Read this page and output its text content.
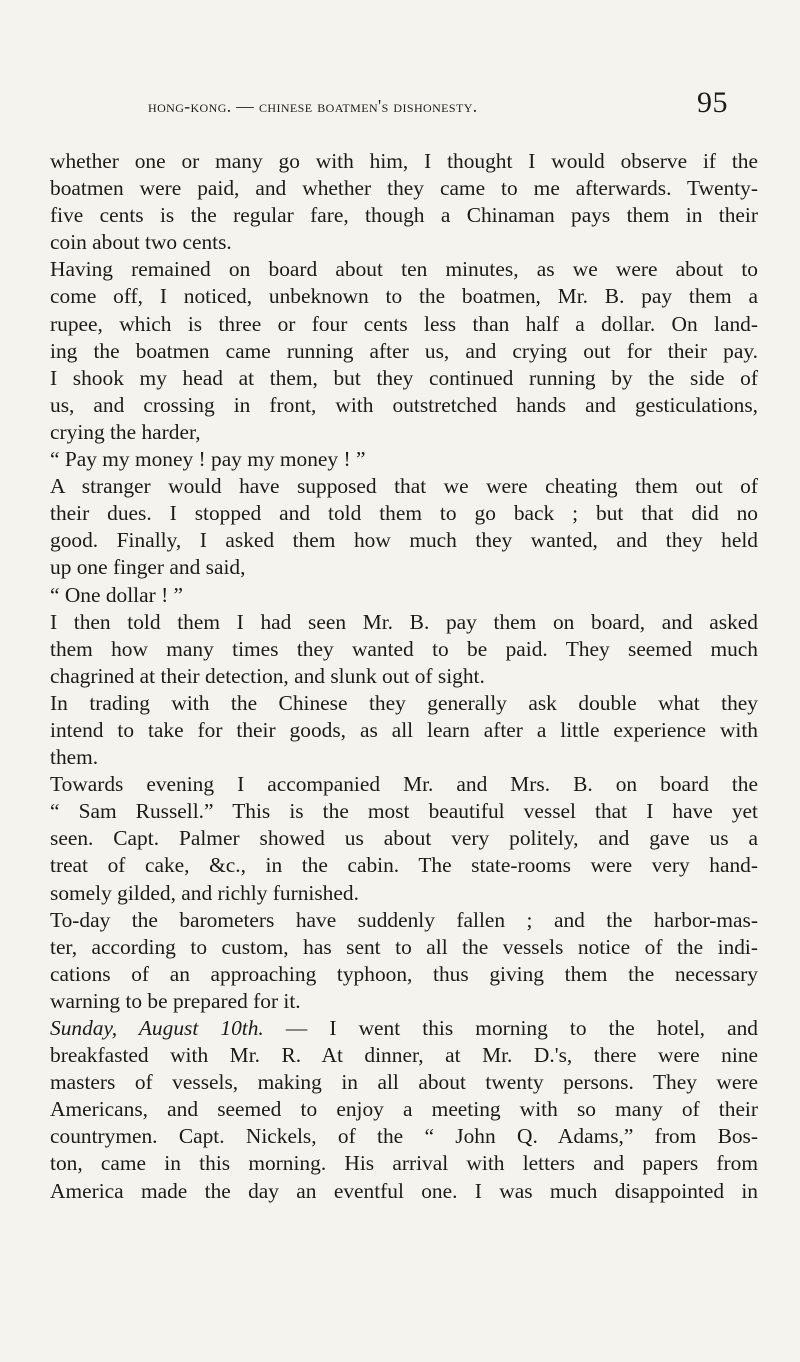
hong-kong. — chinese boatmen's dishonesty.	95
whether one or many go with him, I thought I would observe if the
boatmen were paid, and whether they came to me afterwards. Twenty-
five cents is the regular fare, though a Chinaman pays them in their
coin about two cents.
Having remained on board about ten minutes, as we were about to
come off, I noticed, unbeknown to the boatmen, Mr. B. pay them a
rupee, which is three or four cents less than half a dollar. On land-
ing the boatmen came running after us, and crying out for their pay.
I shook my head at them, but they continued running by the side of
us, and crossing in front, with outstretched hands and gesticulations,
crying the harder,
“ Pay my money ! pay my money ! ”
A stranger would have supposed that we were cheating them out of
their dues. I stopped and told them to go back ; but that did no
good. Finally, I asked them how much they wanted, and they held
up one finger and said,
“ One dollar ! ”
I then told them I had seen Mr. B. pay them on board, and asked
them how many times they wanted to be paid. They seemed much
chagrined at their detection, and slunk out of sight.
In trading with the Chinese they generally ask double what they
intend to take for their goods, as all learn after a little experience with
them.
Towards evening I accompanied Mr. and Mrs. B. on board the
“ Sam Russell.” This is the most beautiful vessel that I have yet
seen. Capt. Palmer showed us about very politely, and gave us a
treat of cake, &c., in the cabin. The state-rooms were very hand-
somely gilded, and richly furnished.
To-day the barometers have suddenly fallen ; and the harbor-mas-
ter, according to custom, has sent to all the vessels notice of the indi-
cations of an approaching typhoon, thus giving them the necessary
warning to be prepared for it.
Sunday, August 10th. — I went this morning to the hotel, and
breakfasted with Mr. R. At dinner, at Mr. D.'s, there were nine
masters of vessels, making in all about twenty persons. They were
Americans, and seemed to enjoy a meeting with so many of their
countrymen. Capt. Nickels, of the “ John Q. Adams,” from Bos-
ton, came in this morning. His arrival with letters and papers from
America made the day an eventful one. I was much disappointed in
